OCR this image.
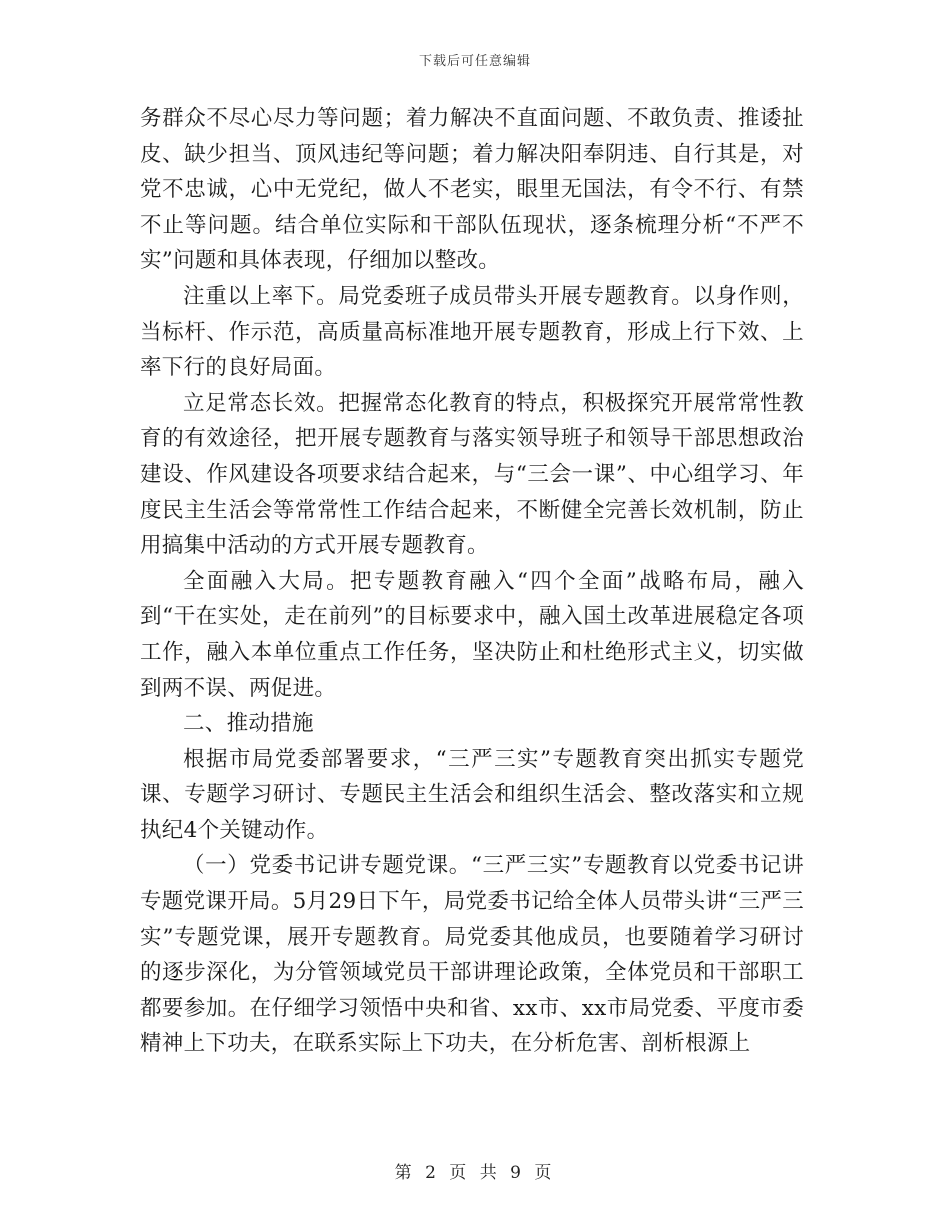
下载后可任意编辑

务群众不尽心尽力等问题；着力解决不直面问题、不敢负责、推诿扯皮、缺少担当、顶风违纪等问题；着力解决阳奉阴违、自行其是，对党不忠诚，心中无党纪，做人不老实，眼里无国法，有令不行、有禁不止等问题。结合单位实际和干部队伍现状，逐条梳理分析“不严不实”问题和具体表现，仔细加以整改。

注重以上率下。局党委班子成员带头开展专题教育。以身作则，当标杆、作示范，高质量高标准地开展专题教育，形成上行下效、上率下行的良好局面。

立足常态长效。把握常态化教育的特点，积极探究开展常常性教育的有效途径，把开展专题教育与落实领导班子和领导干部思想政治建设、作风建设各项要求结合起来，与“三会一课”、中心组学习、年度民主生活会等常常性工作结合起来，不断健全完善长效机制，防止用搞集中活动的方式开展专题教育。

全面融入大局。把专题教育融入“四个全面”战略布局，融入到“干在实处，走在前列”的目标要求中，融入国土改革进展稳定各项工作，融入本单位重点工作任务，坚决防止和杜绝形式主义，切实做到两不误、两促进。

二、推动措施

根据市局党委部署要求，“三严三实”专题教育突出抓实专题党课、专题学习研讨、专题民主生活会和组织生活会、整改落实和立规执纪4个关键动作。

（一）党委书记讲专题党课。“三严三实”专题教育以党委书记讲专题党课开局。5月29日下午，局党委书记给全体人员带头讲“三严三实”专题党课，展开专题教育。局党委其他成员，也要随着学习研讨的逐步深化，为分管领域党员干部讲理论政策，全体党员和干部职工都要参加。在仔细学习领悟中央和省、xx市、xx市局党委、平度市委精神上下功夫，在联系实际上下功夫，在分析危害、剖析根源上

第 2 页 共 9 页
